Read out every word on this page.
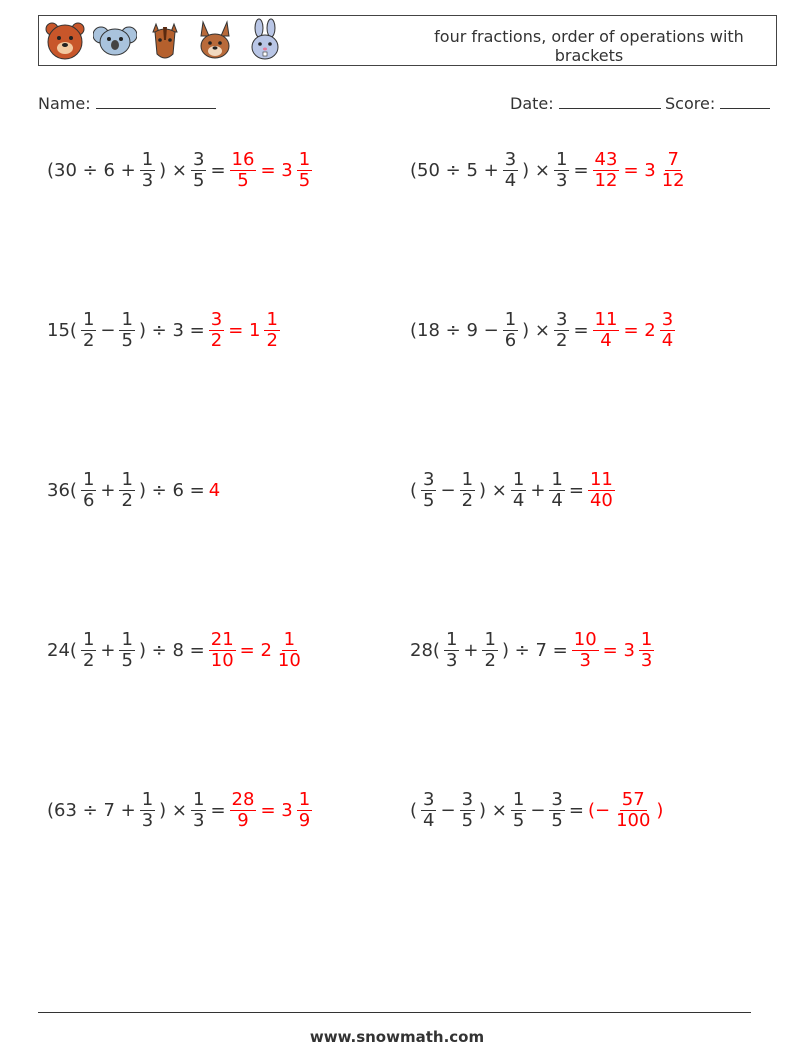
four fractions, order of operations with brackets
Name:	Date:	Score:
($30 \div 6 + \frac{1}{3}$ ) × $\frac{3}{5} = \frac{16}{5} = 3 \frac{1}{5}$	($50 \div 5 + \frac{3}{4}$ ) × $\frac{1}{3} = \frac{43}{12} = 3 \frac{7}{12}$
$15( \frac{1}{2} - \frac{1}{5}$ ) ÷ $3 = \frac{3}{2} = 1 \frac{1}{2}$	($18 \div 9 - \frac{1}{6}$ ) × $\frac{3}{2} = \frac{11}{4} = 2 \frac{3}{4}$
$36( \frac{1}{6} + \frac{1}{2}$ ) ÷ 6 = 4	( $\frac{3}{5} - \frac{1}{2}$ ) × $\frac{1}{4} + \frac{1}{4} = \frac{11}{40}$
$24( \frac{1}{2} + \frac{1}{5}$ ) ÷ $8 = \frac{21}{10} = 2 \frac{1}{10}$	$28( \frac{1}{3} + \frac{1}{2}$ ) ÷ $7 = \frac{10}{3} = 3 \frac{1}{3}$
($63 \div 7 + \frac{1}{3}$ ) × $\frac{1}{3} = \frac{28}{9} = 3 \frac{1}{9}$	( $\frac{3}{4} - \frac{3}{5}$ ) × $\frac{1}{5} - \frac{3}{5}$ = (− $\frac{57}{100}$ )
www.snowmath.com
